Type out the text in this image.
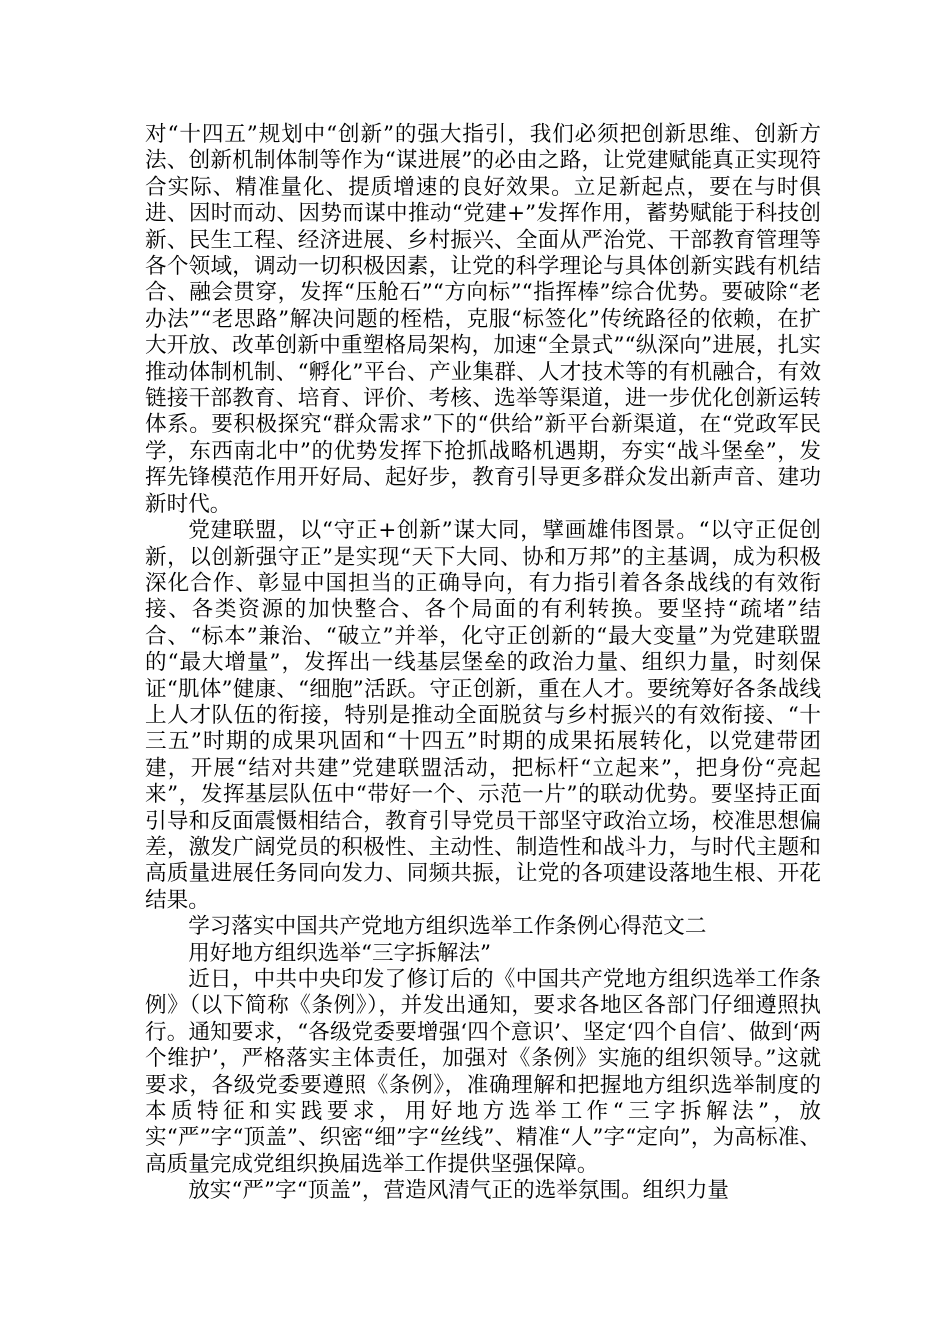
对“十四五”规划中“创新”的强大指引，我们必须把创新思维、创新方法、创新机制体制等作为“谋进展”的必由之路，让党建赋能真正实现符合实际、精准量化、提质增速的良好效果。立足新起点，要在与时俱进、因时而动、因势而谋中推动“党建+”发挥作用，蓄势赋能于科技创新、民生工程、经济进展、乡村振兴、全面从严治党、干部教育管理等各个领域，调动一切积极因素，让党的科学理论与具体创新实践有机结合、融会贯穿，发挥“压舱石”“方向标”“指挥棒”综合优势。要破除“老办法”“老思路”解决问题的桎梏，克服“标签化”传统路径的依赖，在扩大开放、改革创新中重塑格局架构，加速“全景式”“纵深向”进展，扎实推动体制机制、“孵化”平台、产业集群、人才技术等的有机融合，有效链接干部教育、培育、评价、考核、选举等渠道，进一步优化创新运转体系。要积极探究“群众需求”下的“供给”新平台新渠道，在“党政军民学，东西南北中”的优势发挥下抢抓战略机遇期，夯实“战斗堡垒”，发挥先锋模范作用开好局、起好步，教育引导更多群众发出新声音、建功新时代。

党建联盟，以“守正+创新”谋大同，擘画雄伟图景。“以守正促创新，以创新强守正”是实现“天下大同、协和万邦”的主基调，成为积极深化合作、彰显中国担当的正确导向，有力指引着各条战线的有效衔接、各类资源的加快整合、各个局面的有利转换。要坚持“疏堵”结合、“标本”兼治、“破立”并举，化守正创新的“最大变量”为党建联盟的“最大增量”，发挥出一线基层堡垒的政治力量、组织力量，时刻保证“肌体”健康、“细胞”活跃。守正创新，重在人才。要统筹好各条战线上人才队伍的衔接，特别是推动全面脱贫与乡村振兴的有效衔接、“十三五”时期的成果巩固和“十四五”时期的成果拓展转化，以党建带团建，开展“结对共建”党建联盟活动，把标杆“立起来”，把身份“亮起来”，发挥基层队伍中“带好一个、示范一片”的联动优势。要坚持正面引导和反面震慑相结合，教育引导党员干部坚守政治立场，校准思想偏差，激发广阔党员的积极性、主动性、制造性和战斗力，与时代主题和高质量进展任务同向发力、同频共振，让党的各项建设落地生根、开花结果。

学习落实中国共产党地方组织选举工作条例心得范文二

用好地方组织选举“三字拆解法”

近日，中共中央印发了修订后的《中国共产党地方组织选举工作条例》（以下简称《条例》），并发出通知，要求各地区各部门仔细遵照执行。通知要求，“各级党委要增强‘四个意识’、坚定‘四个自信’、做到‘两个维护’，严格落实主体责任，加强对《条例》实施的组织领导。”这就要求，各级党委要遵照《条例》，准确理解和把握地方组织选举制度的本质特征和实践要求，用好地方选举工作“三字拆解法”，放实“严”字“顶盖”、织密“细”字“丝线”、精准“人”字“定向”，为高标准、高质量完成党组织换届选举工作提供坚强保障。

放实“严”字“顶盖”，营造风清气正的选举氛围。组织力量
